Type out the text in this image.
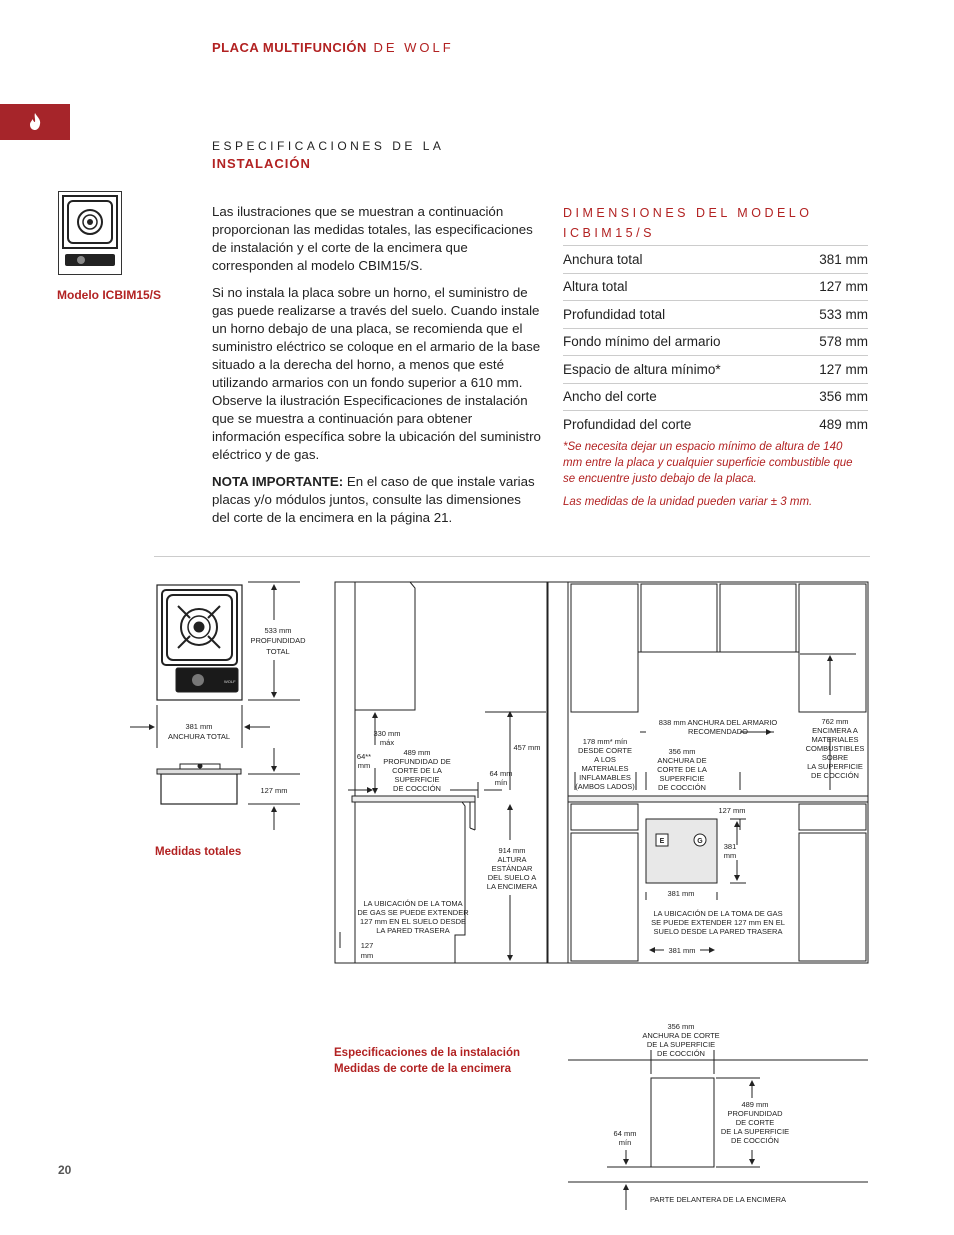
PLACA MULTIFUNCIÓN DE WOLF
ESPECIFICACIONES DE LA
INSTALACIÓN
Modelo ICBIM15/S

Las ilustraciones que se muestran a continuación proporcionan las medidas totales, las especificaciones de instalación y el corte de la encimera que corresponden al modelo CBIM15/S.

Si no instala la placa sobre un horno, el suministro de gas puede realizarse a través del suelo. Cuando instale un horno debajo de una placa, se recomienda que el suministro eléctrico se coloque en el armario de la base situado a la derecha del horno, a menos que esté utilizando armarios con un fondo superior a 610 mm. Observe la ilustración Especificaciones de instalación que se muestra a continuación para obtener información específica sobre la ubicación del suministro eléctrico y de gas.

NOTA IMPORTANTE: En el caso de que instale varias placas y/o módulos juntos, consulte las dimensiones del corte de la encimera en la página 21.

DIMENSIONES DEL MODELO ICBIM15/S
Anchura total	381 mm
Altura total	127 mm
Profundidad total	533 mm
Fondo mínimo del armario	578 mm
Espacio de altura mínimo*	127 mm
Ancho del corte	356 mm
Profundidad del corte	489 mm

*Se necesita dejar un espacio mínimo de altura de 140 mm entre la placa y cualquier superficie combustible que se encuentre justo debajo de la placa.

Las medidas de la unidad pueden variar ± 3 mm.

533 mm
PROFUNDIDAD
TOTAL
381 mm
ANCHURA TOTAL
127 mm
WOLF
330 mm
máx
64**
mm
489 mm
PROFUNDIDAD DE
CORTE DE LA
SUPERFICIE
DE COCCIÓN
64 mm
mín
457 mm
914 mm
ALTURA
ESTÁNDAR
DEL SUELO A
LA ENCIMERA
LA UBICACIÓN DE LA TOMA
DE GAS SE PUEDE EXTENDER
127 mm EN EL SUELO DESDE
LA PARED TRASERA
127
mm
838 mm ANCHURA DEL ARMARIO
RECOMENDADO
178 mm* mín
DESDE CORTE
A LOS
MATERIALES
INFLAMABLES
(AMBOS LADOS)
356 mm
ANCHURA DE
CORTE DE LA
SUPERFICIE
DE COCCIÓN
762 mm
ENCIMERA A
MATERIALES
COMBUSTIBLES
SOBRE
LA SUPERFICIE
DE COCCIÓN
127 mm
381
mm
381 mm
E	G
LA UBICACIÓN DE LA TOMA DE GAS
SE PUEDE EXTENDER 127 mm EN EL
SUELO DESDE LA PARED TRASERA
381 mm
356 mm
ANCHURA DE CORTE
DE LA SUPERFICIE
DE COCCIÓN
489 mm
PROFUNDIDAD
DE CORTE
DE LA SUPERFICIE
DE COCCIÓN
64 mm
mín
PARTE DELANTERA DE LA ENCIMERA
Medidas totales
Especificaciones de la instalación
Medidas de corte de la encimera
20
